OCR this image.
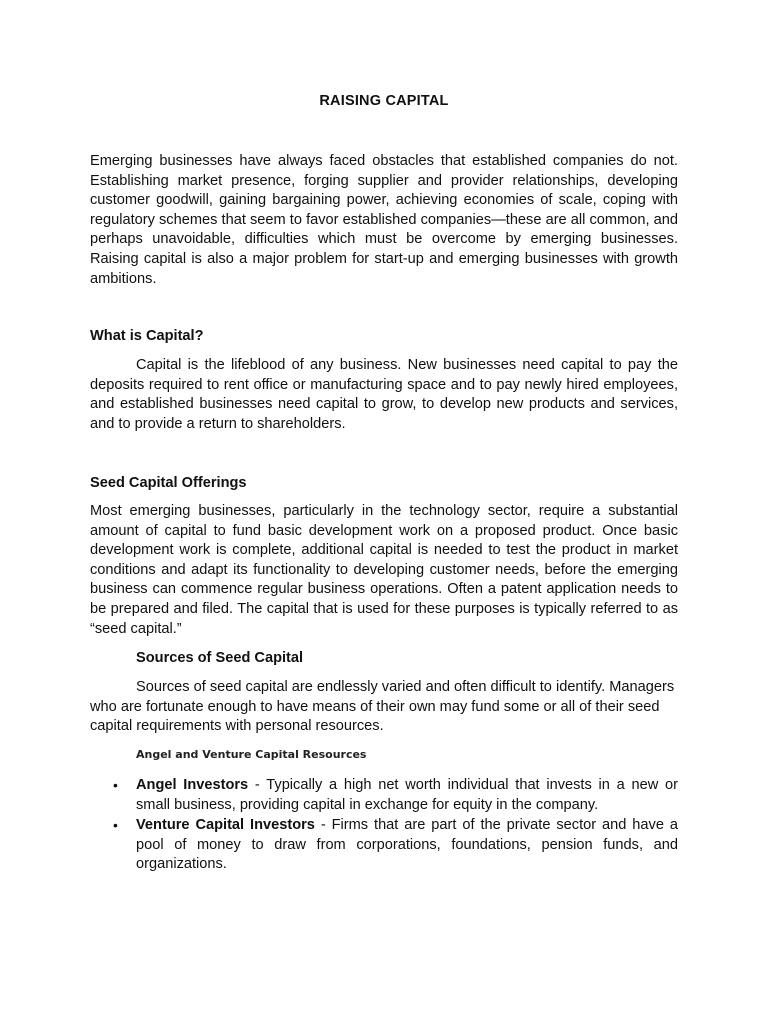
RAISING CAPITAL

Emerging businesses have always faced obstacles that established companies do not. Establishing market presence, forging supplier and provider relationships, developing customer goodwill, gaining bargaining power, achieving economies of scale, coping with regulatory schemes that seem to favor established companies—these are all common, and perhaps unavoidable, difficulties which must be overcome by emerging businesses. Raising capital is also a major problem for start-up and emerging businesses with growth ambitions.

What is Capital?

Capital is the lifeblood of any business. New businesses need capital to pay the deposits required to rent office or manufacturing space and to pay newly hired employees, and established businesses need capital to grow, to develop new products and services, and to provide a return to shareholders.

Seed Capital Offerings

Most emerging businesses, particularly in the technology sector, require a substantial amount of capital to fund basic development work on a proposed product. Once basic development work is complete, additional capital is needed to test the product in market conditions and adapt its functionality to developing customer needs, before the emerging business can commence regular business operations. Often a patent application needs to be prepared and filed. The capital that is used for these purposes is typically referred to as “seed capital.”

Sources of Seed Capital

Sources of seed capital are endlessly varied and often difficult to identify. Managers who are fortunate enough to have means of their own may fund some or all of their seed capital requirements with personal resources.

Angel and Venture Capital Resources

• Angel Investors - Typically a high net worth individual that invests in a new or small business, providing capital in exchange for equity in the company.
• Venture Capital Investors - Firms that are part of the private sector and have a pool of money to draw from corporations, foundations, pension funds, and organizations.
